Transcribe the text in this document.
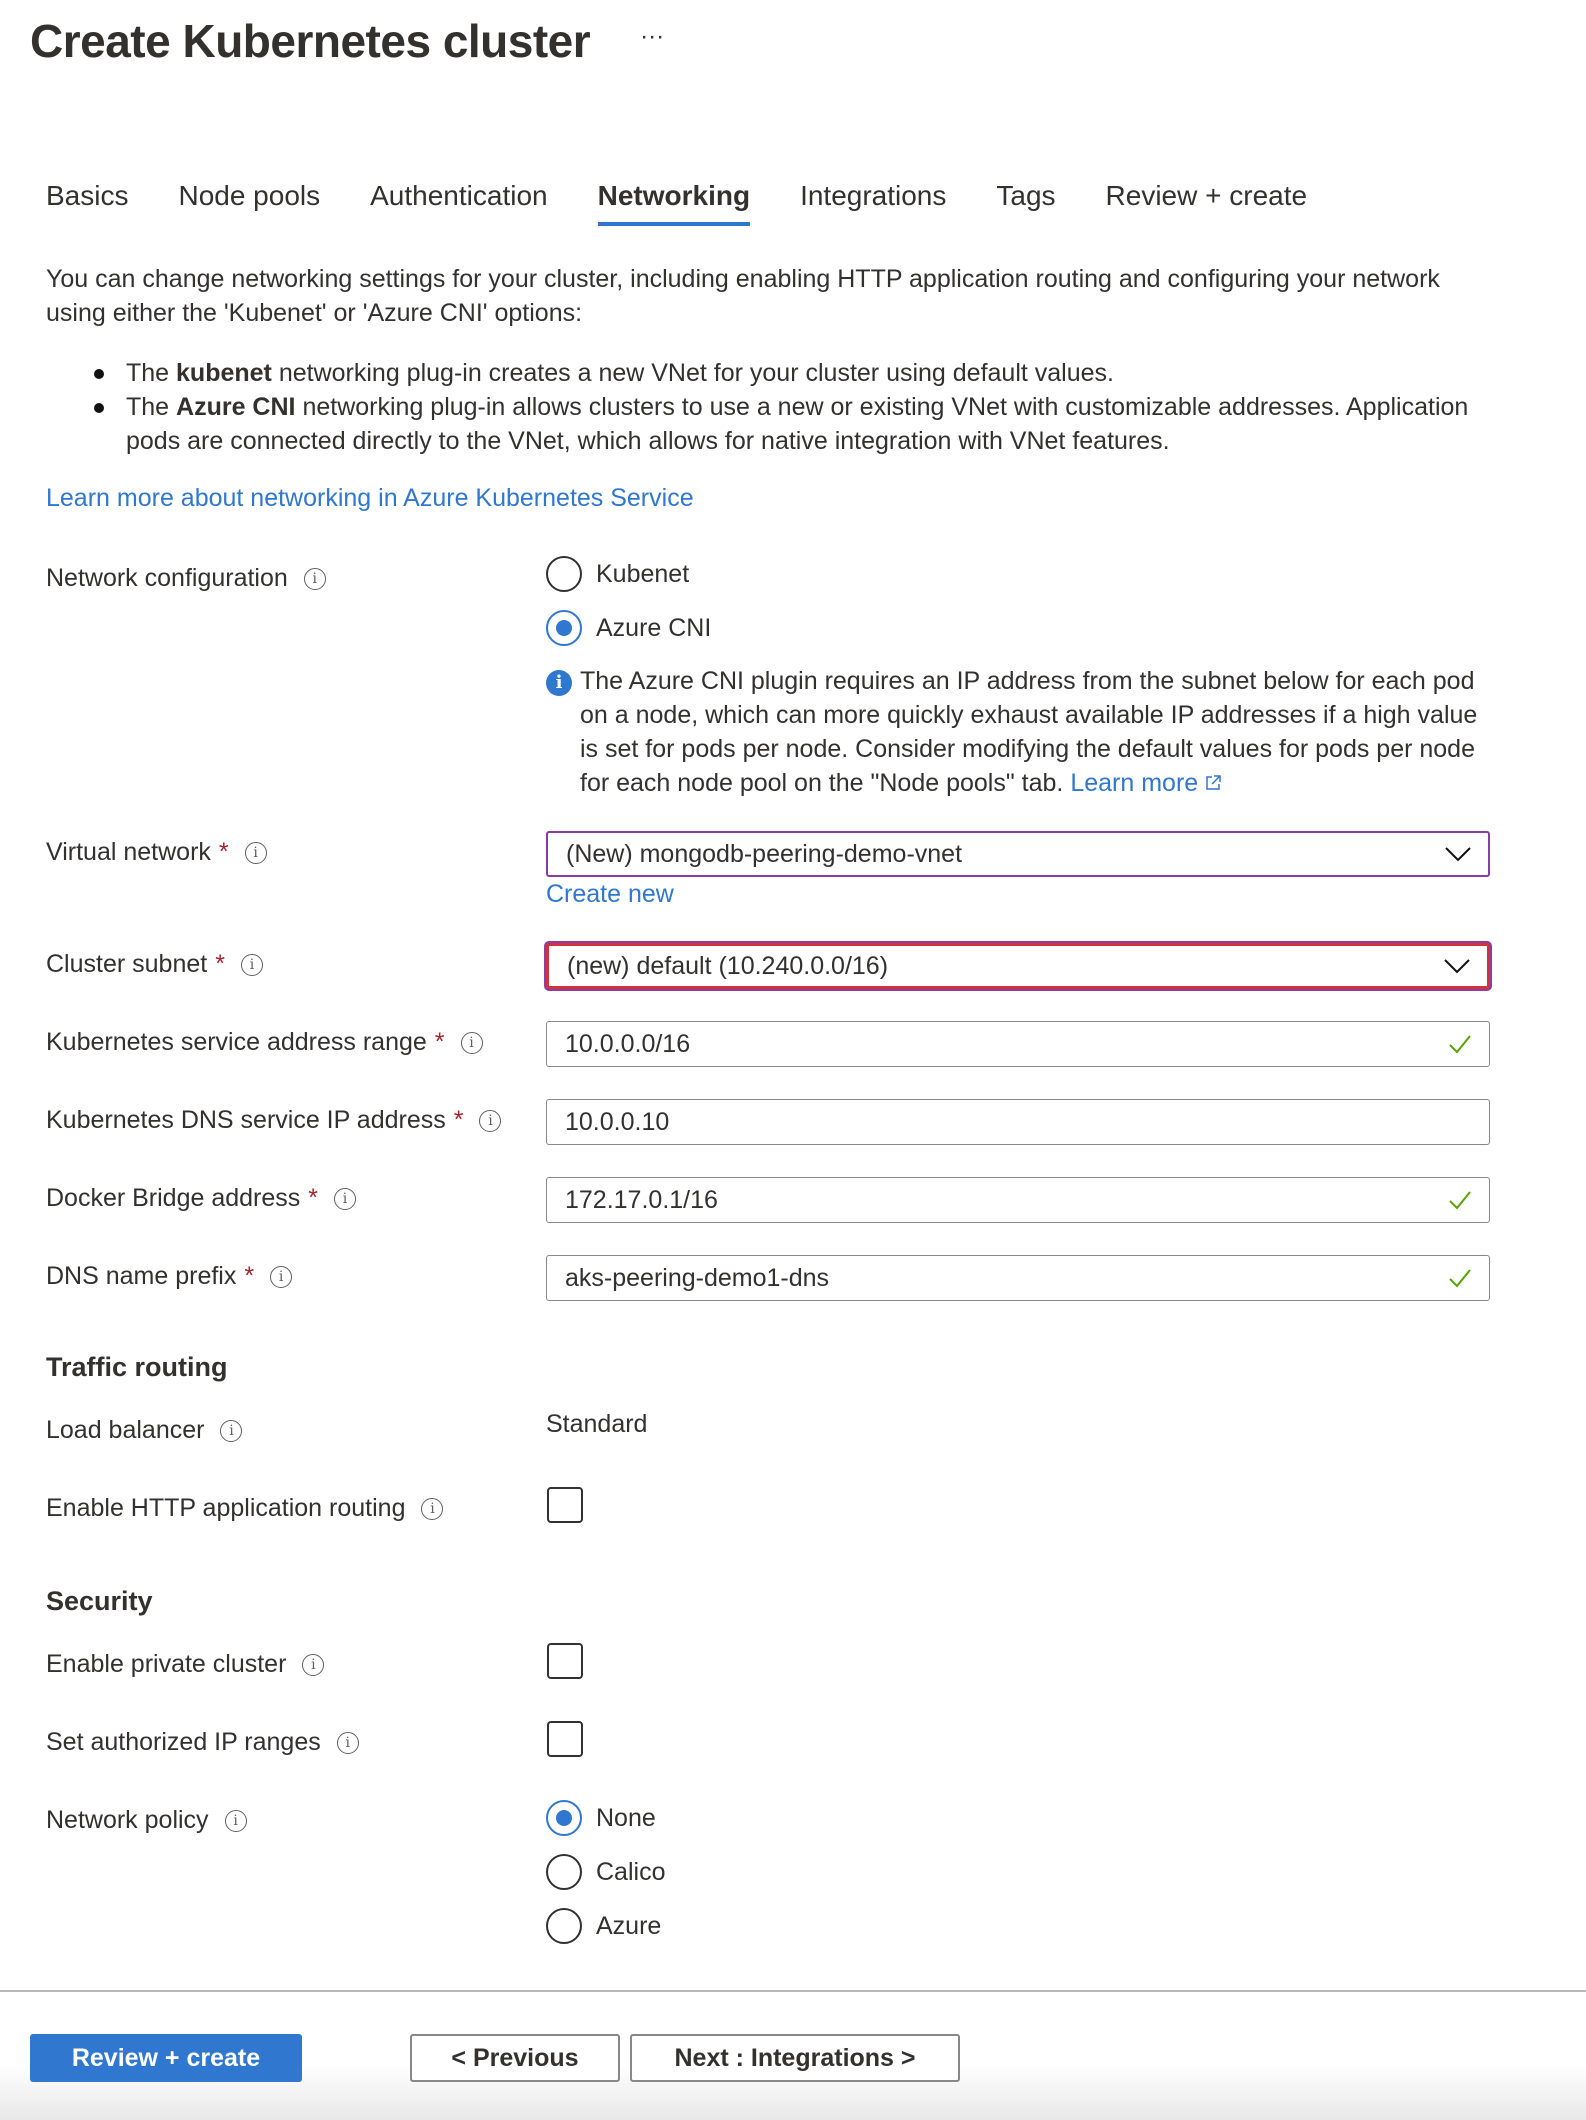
Create Kubernetes cluster ···
Basics Node pools Authentication Networking Integrations Tags Review + create

You can change networking settings for your cluster, including enabling HTTP application routing and configuring your network using either the 'Kubenet' or 'Azure CNI' options:

The kubenet networking plug-in creates a new VNet for your cluster using default values.
The Azure CNI networking plug-in allows clusters to use a new or existing VNet with customizable addresses. Application pods are connected directly to the VNet, which allows for native integration with VNet features.
Learn more about networking in Azure Kubernetes Service
Network configuration	i	Kubenet
Azure CNI
i The Azure CNI plugin requires an IP address from the subnet below for each pod on a node, which can more quickly exhaust available IP addresses if a high value is set for pods per node. Consider modifying the default values for pods per node for each node pool on the "Node pools" tab. Learn more
Virtual network *	i	(New) mongodb-peering-demo-vnet
Create new
Cluster subnet *	i	(new) default (10.240.0.0/16)
Kubernetes service address range *	i	10.0.0.0/16
Kubernetes DNS service IP address *	i	10.0.0.10
Docker Bridge address *	i	172.17.0.1/16
DNS name prefix *	i	aks-peering-demo1-dns
Traffic routing
Load balancer	i	Standard
Enable HTTP application routing	i
Security
Enable private cluster	i
Set authorized IP ranges	i
Network policy	i	None
Calico
Azure
Review + create	< Previous	Next : Integrations >
